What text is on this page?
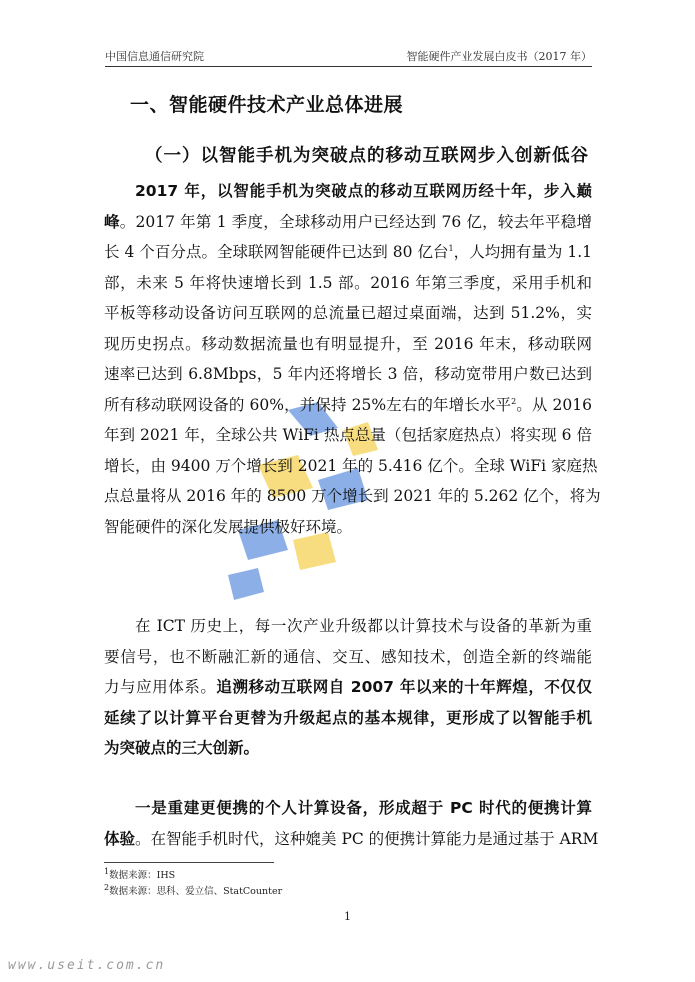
中国信息通信研究院	智能硬件产业发展白皮书（2017 年）
一、智能硬件技术产业总体进展
（一）以智能手机为突破点的移动互联网步入创新低谷
2017 年，以智能手机为突破点的移动互联网历经十年，步入巅
峰。2017 年第 1 季度，全球移动用户已经达到 76 亿，较去年平稳增
长 4 个百分点。全球联网智能硬件已达到 80 亿台$^1$，人均拥有量为 1.1
部，未来 5 年将快速增长到 1.5 部。2016 年第三季度，采用手机和
平板等移动设备访问互联网的总流量已超过桌面端，达到 51.2%，实
现历史拐点。移动数据流量也有明显提升，至 2016 年末，移动联网
速率已达到 6.8Mbps，5 年内还将增长 3 倍，移动宽带用户数已达到
所有移动联网设备的 60%，并保持 25%左右的年增长水平$^2$。从 2016
年到 2021 年，全球公共 WiFi 热点总量（包括家庭热点）将实现 6 倍
增长，由 9400 万个增长到 2021 年的 5.416 亿个。全球 WiFi 家庭热
点总量将从 2016 年的 8500 万个增长到 2021 年的 5.262 亿个，将为
智能硬件的深化发展提供极好环境。
在 ICT 历史上，每一次产业升级都以计算技术与设备的革新为重
要信号，也不断融汇新的通信、交互、感知技术，创造全新的终端能
力与应用体系。追溯移动互联网自 2007 年以来的十年辉煌，不仅仅
延续了以计算平台更替为升级起点的基本规律，更形成了以智能手机
为突破点的三大创新。
一是重建更便携的个人计算设备，形成超于 PC 时代的便携计算
体验。在智能手机时代，这种媲美 PC 的便携计算能力是通过基于 ARM
$^1$数据来源：IHS
$^2$数据来源：思科、爱立信、StatCounter
1
www.useit.com.cn
